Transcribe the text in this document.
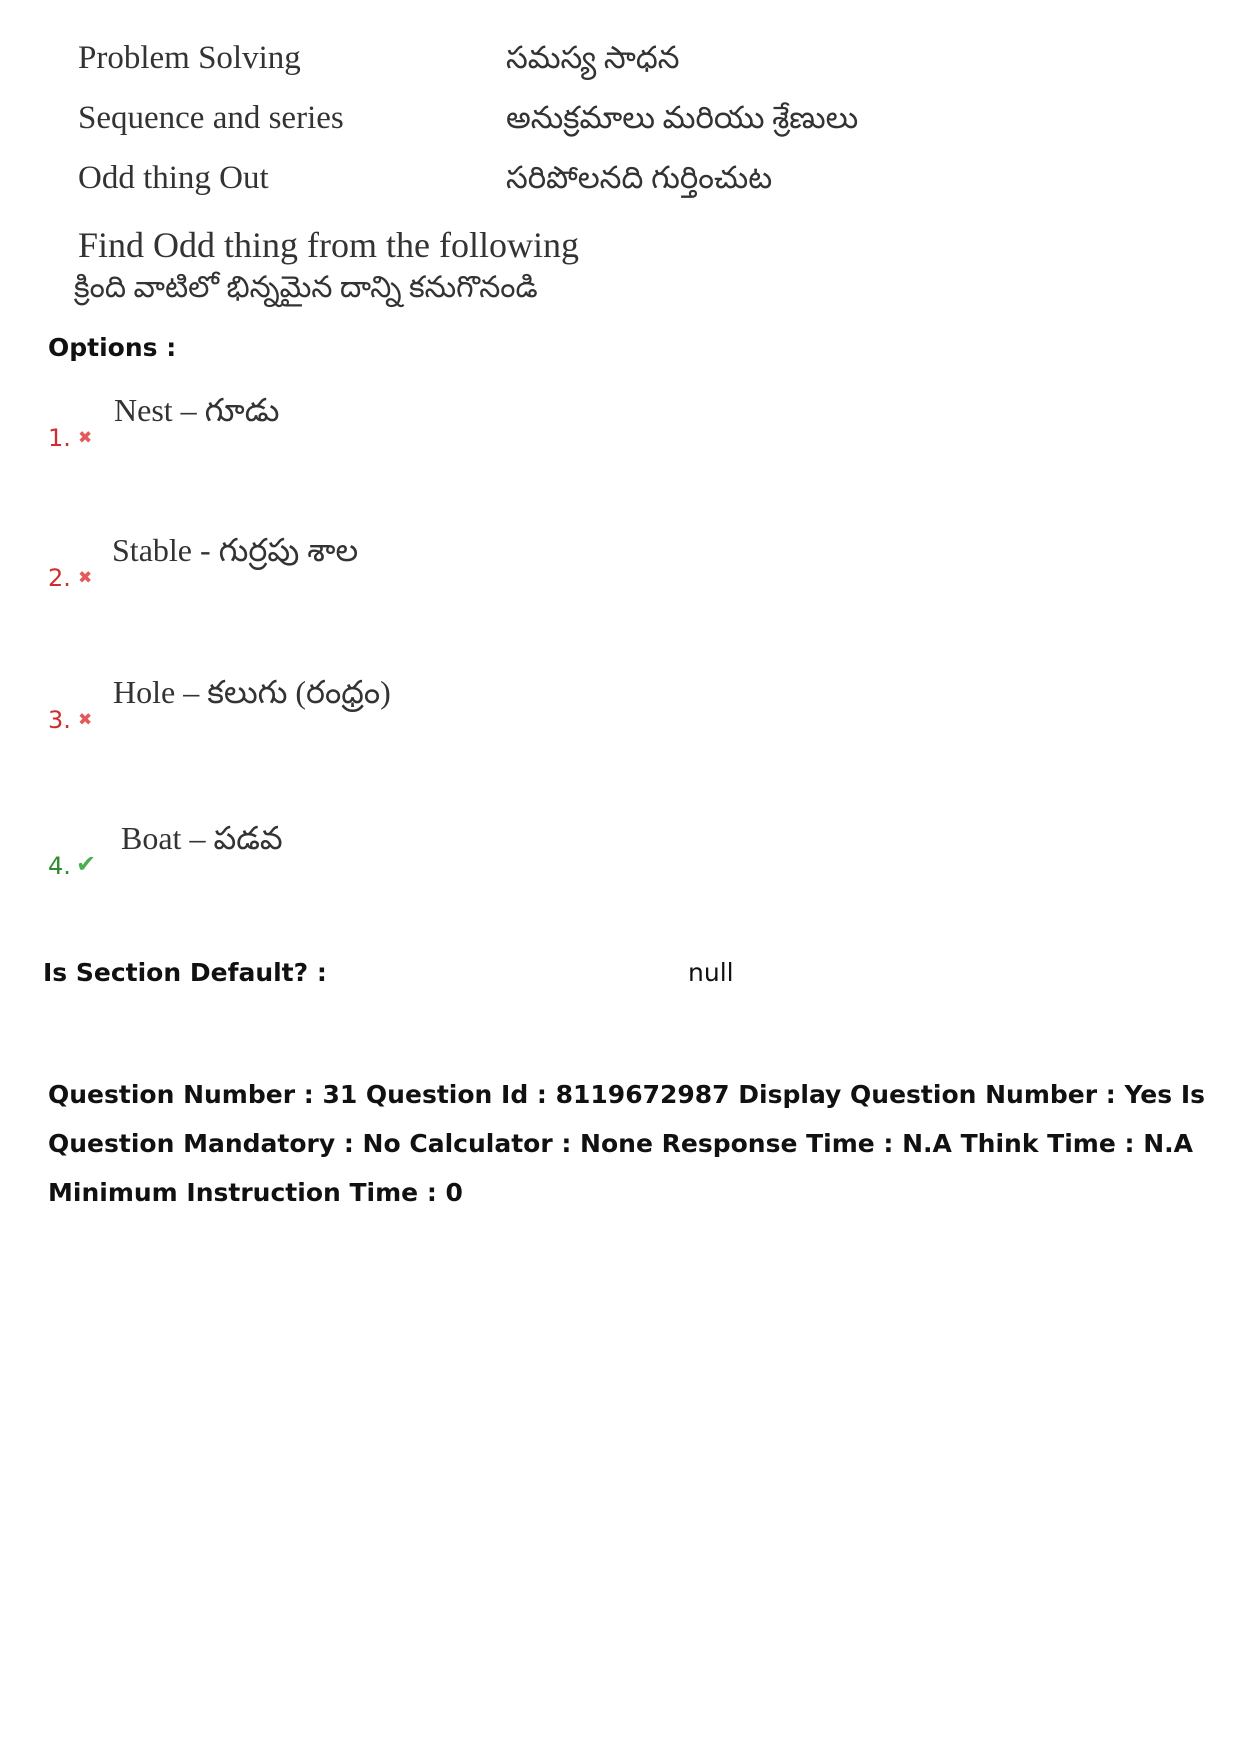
Problem Solving	సమస్య సాధన
Sequence and series	అనుక్రమాలు మరియు శ్రేణులు
Odd thing Out	సరిపోలనది గుర్తించుట
Find Odd thing from the following
క్రింది వాటిలో భిన్నమైన దాన్ని కనుగొనండి
Options :
1. ✖
Nest – గూడు
2. ✖
Stable - గుర్రపు శాల
3. ✖
Hole – కలుగు (రంధ్రం)
4. ✔
Boat – పడవ
Is Section Default? :	null
Question Number : 31 Question Id : 8119672987 Display Question Number : Yes Is Question Mandatory : No Calculator : None Response Time : N.A Think Time : N.A Minimum Instruction Time : 0
